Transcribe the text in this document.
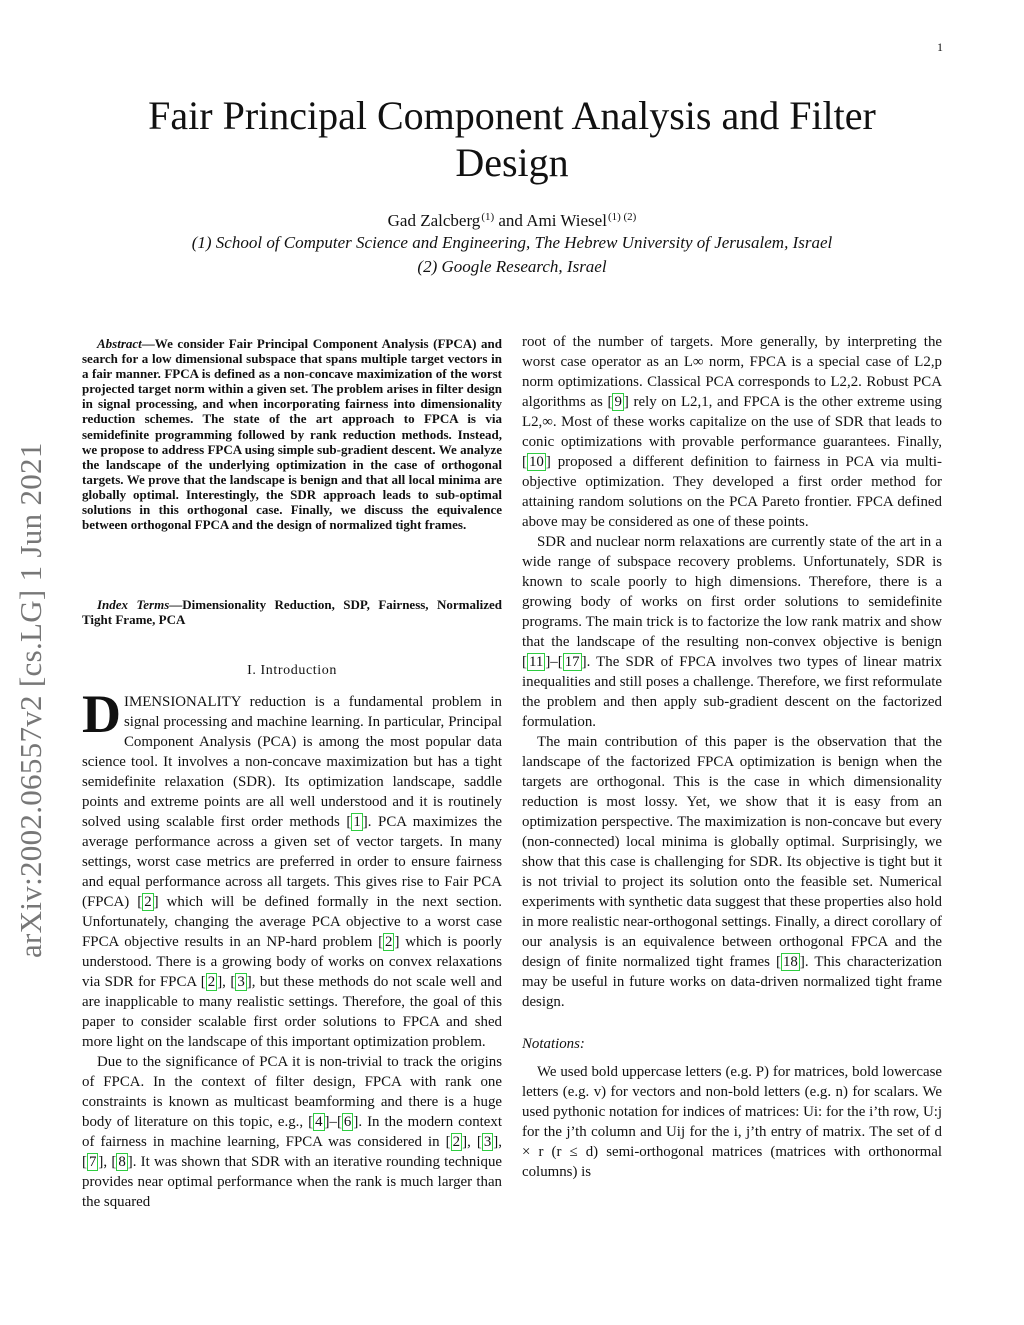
1
arXiv:2002.06557v2 [cs.LG] 1 Jun 2021
Fair Principal Component Analysis and Filter Design
Gad Zalcberg$^{(1)}$ and Ami Wiesel$^{(1) (2)}$
(1) School of Computer Science and Engineering, The Hebrew University of Jerusalem, Israel
(2) Google Research, Israel

Abstract—We consider Fair Principal Component Analysis (FPCA) and search for a low dimensional subspace that spans multiple target vectors in a fair manner. FPCA is defined as a non-concave maximization of the worst projected target norm within a given set. The problem arises in filter design in signal processing, and when incorporating fairness into dimensionality reduction schemes. The state of the art approach to FPCA is via semidefinite programming followed by rank reduction methods. Instead, we propose to address FPCA using simple sub-gradient descent. We analyze the landscape of the underlying optimization in the case of orthogonal targets. We prove that the landscape is benign and that all local minima are globally optimal. Interestingly, the SDR approach leads to sub-optimal solutions in this orthogonal case. Finally, we discuss the equivalence between orthogonal FPCA and the design of normalized tight frames.

Index Terms—Dimensionality Reduction, SDP, Fairness, Normalized Tight Frame, PCA

I. Introduction

DIMENSIONALITY reduction is a fundamental problem in signal processing and machine learning. In particular, Principal Component Analysis (PCA) is among the most popular data science tool. It involves a non-concave maximization but has a tight semidefinite relaxation (SDR). Its optimization landscape, saddle points and extreme points are all well understood and it is routinely solved using scalable first order methods [ 1 ]. PCA maximizes the average performance across a given set of vector targets. In many settings, worst case metrics are preferred in order to ensure fairness and equal performance across all targets. This gives rise to Fair PCA (FPCA) [ 2 ] which will be defined formally in the next section. Unfortunately, changing the average PCA objective to a worst case FPCA objective results in an NP-hard problem [ 2 ] which is poorly understood. There is a growing body of works on convex relaxations via SDR for FPCA [ 2 ], [ 3 ], but these methods do not scale well and are inapplicable to many realistic settings. Therefore, the goal of this paper to consider scalable first order solutions to FPCA and shed more light on the landscape of this important optimization problem.

Due to the significance of PCA it is non-trivial to track the origins of FPCA. In the context of filter design, FPCA with rank one constraints is known as multicast beamforming and there is a huge body of literature on this topic, e.g., [ 4 ]–[ 6 ]. In the modern context of fairness in machine learning, FPCA was considered in [ 2 ], [ 3 ], [ 7 ], [ 8 ]. It was shown that SDR with an iterative rounding technique provides near optimal performance when the rank is much larger than the squared

root of the number of targets. More generally, by interpreting the worst case operator as an L∞ norm, FPCA is a special case of L2,p norm optimizations. Classical PCA corresponds to L2,2. Robust PCA algorithms as [ 9 ] rely on L2,1, and FPCA is the other extreme using L2,∞. Most of these works capitalize on the use of SDR that leads to conic optimizations with provable performance guarantees. Finally, [ 10 ] proposed a different definition to fairness in PCA via multi-objective optimization. They developed a first order method for attaining random solutions on the PCA Pareto frontier. FPCA defined above may be considered as one of these points.

SDR and nuclear norm relaxations are currently state of the art in a wide range of subspace recovery problems. Unfortunately, SDR is known to scale poorly to high dimensions. Therefore, there is a growing body of works on first order solutions to semidefinite programs. The main trick is to factorize the low rank matrix and show that the landscape of the resulting non-convex objective is benign [ 11 ]–[ 17 ]. The SDR of FPCA involves two types of linear matrix inequalities and still poses a challenge. Therefore, we first reformulate the problem and then apply sub-gradient descent on the factorized formulation.

The main contribution of this paper is the observation that the landscape of the factorized FPCA optimization is benign when the targets are orthogonal. This is the case in which dimensionality reduction is most lossy. Yet, we show that it is easy from an optimization perspective. The maximization is non-concave but every (non-connected) local minima is globally optimal. Surprisingly, we show that this case is challenging for SDR. Its objective is tight but it is not trivial to project its solution onto the feasible set. Numerical experiments with synthetic data suggest that these properties also hold in more realistic near-orthogonal settings. Finally, a direct corollary of our analysis is an equivalence between orthogonal FPCA and the design of finite normalized tight frames [ 18 ]. This characterization may be useful in future works on data-driven normalized tight frame design.

Notations:

We used bold uppercase letters (e.g. P) for matrices, bold lowercase letters (e.g. v) for vectors and non-bold letters (e.g. n) for scalars. We used pythonic notation for indices of matrices: Ui: for the i’th row, U:j for the j’th column and Uij for the i, j’th entry of matrix. The set of d × r (r ≤ d) semi-orthogonal matrices (matrices with orthonormal columns) is
